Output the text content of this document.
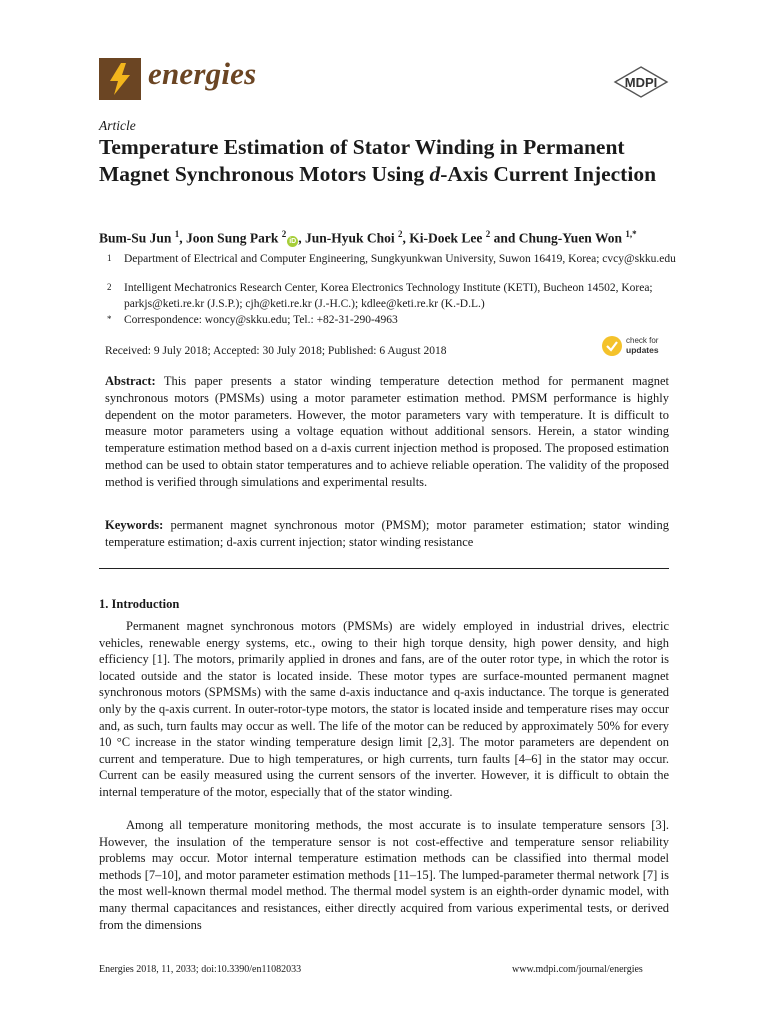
energies	MDPI
Article
Temperature Estimation of Stator Winding in Permanent Magnet Synchronous Motors Using d-Axis Current Injection
Bum-Su Jun $^1$, Joon Sung Park $^2$iD , Jun-Hyuk Choi $^2$, Ki-Doek Lee $^2$ and Chung-Yuen Won $^{1,*}$
1 Department of Electrical and Computer Engineering, Sungkyunkwan University, Suwon 16419, Korea; cvcy@skku.edu
2 Intelligent Mechatronics Research Center, Korea Electronics Technology Institute (KETI), Bucheon 14502, Korea; parkjs@keti.re.kr (J.S.P.); cjh@keti.re.kr (J.-H.C.); kdlee@keti.re.kr (K.-D.L.)
* Correspondence: woncy@skku.edu; Tel.: +82-31-290-4963
Received: 9 July 2018; Accepted: 30 July 2018; Published: 6 August 2018
check for
updates
Abstract: This paper presents a stator winding temperature detection method for permanent magnet synchronous motors (PMSMs) using a motor parameter estimation method. PMSM performance is highly dependent on the motor parameters. However, the motor parameters vary with temperature. It is difficult to measure motor parameters using a voltage equation without additional sensors. Herein, a stator winding temperature estimation method based on a d-axis current injection method is proposed. The proposed estimation method can be used to obtain stator temperatures and to achieve reliable operation. The validity of the proposed method is verified through simulations and experimental results.
Keywords: permanent magnet synchronous motor (PMSM); motor parameter estimation; stator winding temperature estimation; d-axis current injection; stator winding resistance
1. Introduction
Permanent magnet synchronous motors (PMSMs) are widely employed in industrial drives, electric vehicles, renewable energy systems, etc., owing to their high torque density, high power density, and high efficiency [1]. The motors, primarily applied in drones and fans, are of the outer rotor type, in which the rotor is located outside and the stator is located inside. These motor types are surface-mounted permanent magnet synchronous motors (SPMSMs) with the same d-axis inductance and q-axis inductance. The torque is generated only by the q-axis current. In outer-rotor-type motors, the stator is located inside and temperature rises may occur and, as such, turn faults may occur as well. The life of the motor can be reduced by approximately 50% for every 10 °C increase in the stator winding temperature design limit [2,3]. The motor parameters are dependent on current and temperature. Due to high temperatures, or high currents, turn faults [4–6] in the stator may occur. Current can be easily measured using the current sensors of the inverter. However, it is difficult to obtain the internal temperature of the motor, especially that of the stator winding.
Among all temperature monitoring methods, the most accurate is to insulate temperature sensors [3]. However, the insulation of the temperature sensor is not cost-effective and temperature sensor reliability problems may occur. Motor internal temperature estimation methods can be classified into thermal model methods [7–10], and motor parameter estimation methods [11–15]. The lumped-parameter thermal network [7] is the most well-known thermal model method. The thermal model system is an eighth-order dynamic model, with many thermal capacitances and resistances, either directly acquired from various experimental tests, or derived from the dimensions
Energies 2018, 11, 2033; doi:10.3390/en11082033	www.mdpi.com/journal/energies
